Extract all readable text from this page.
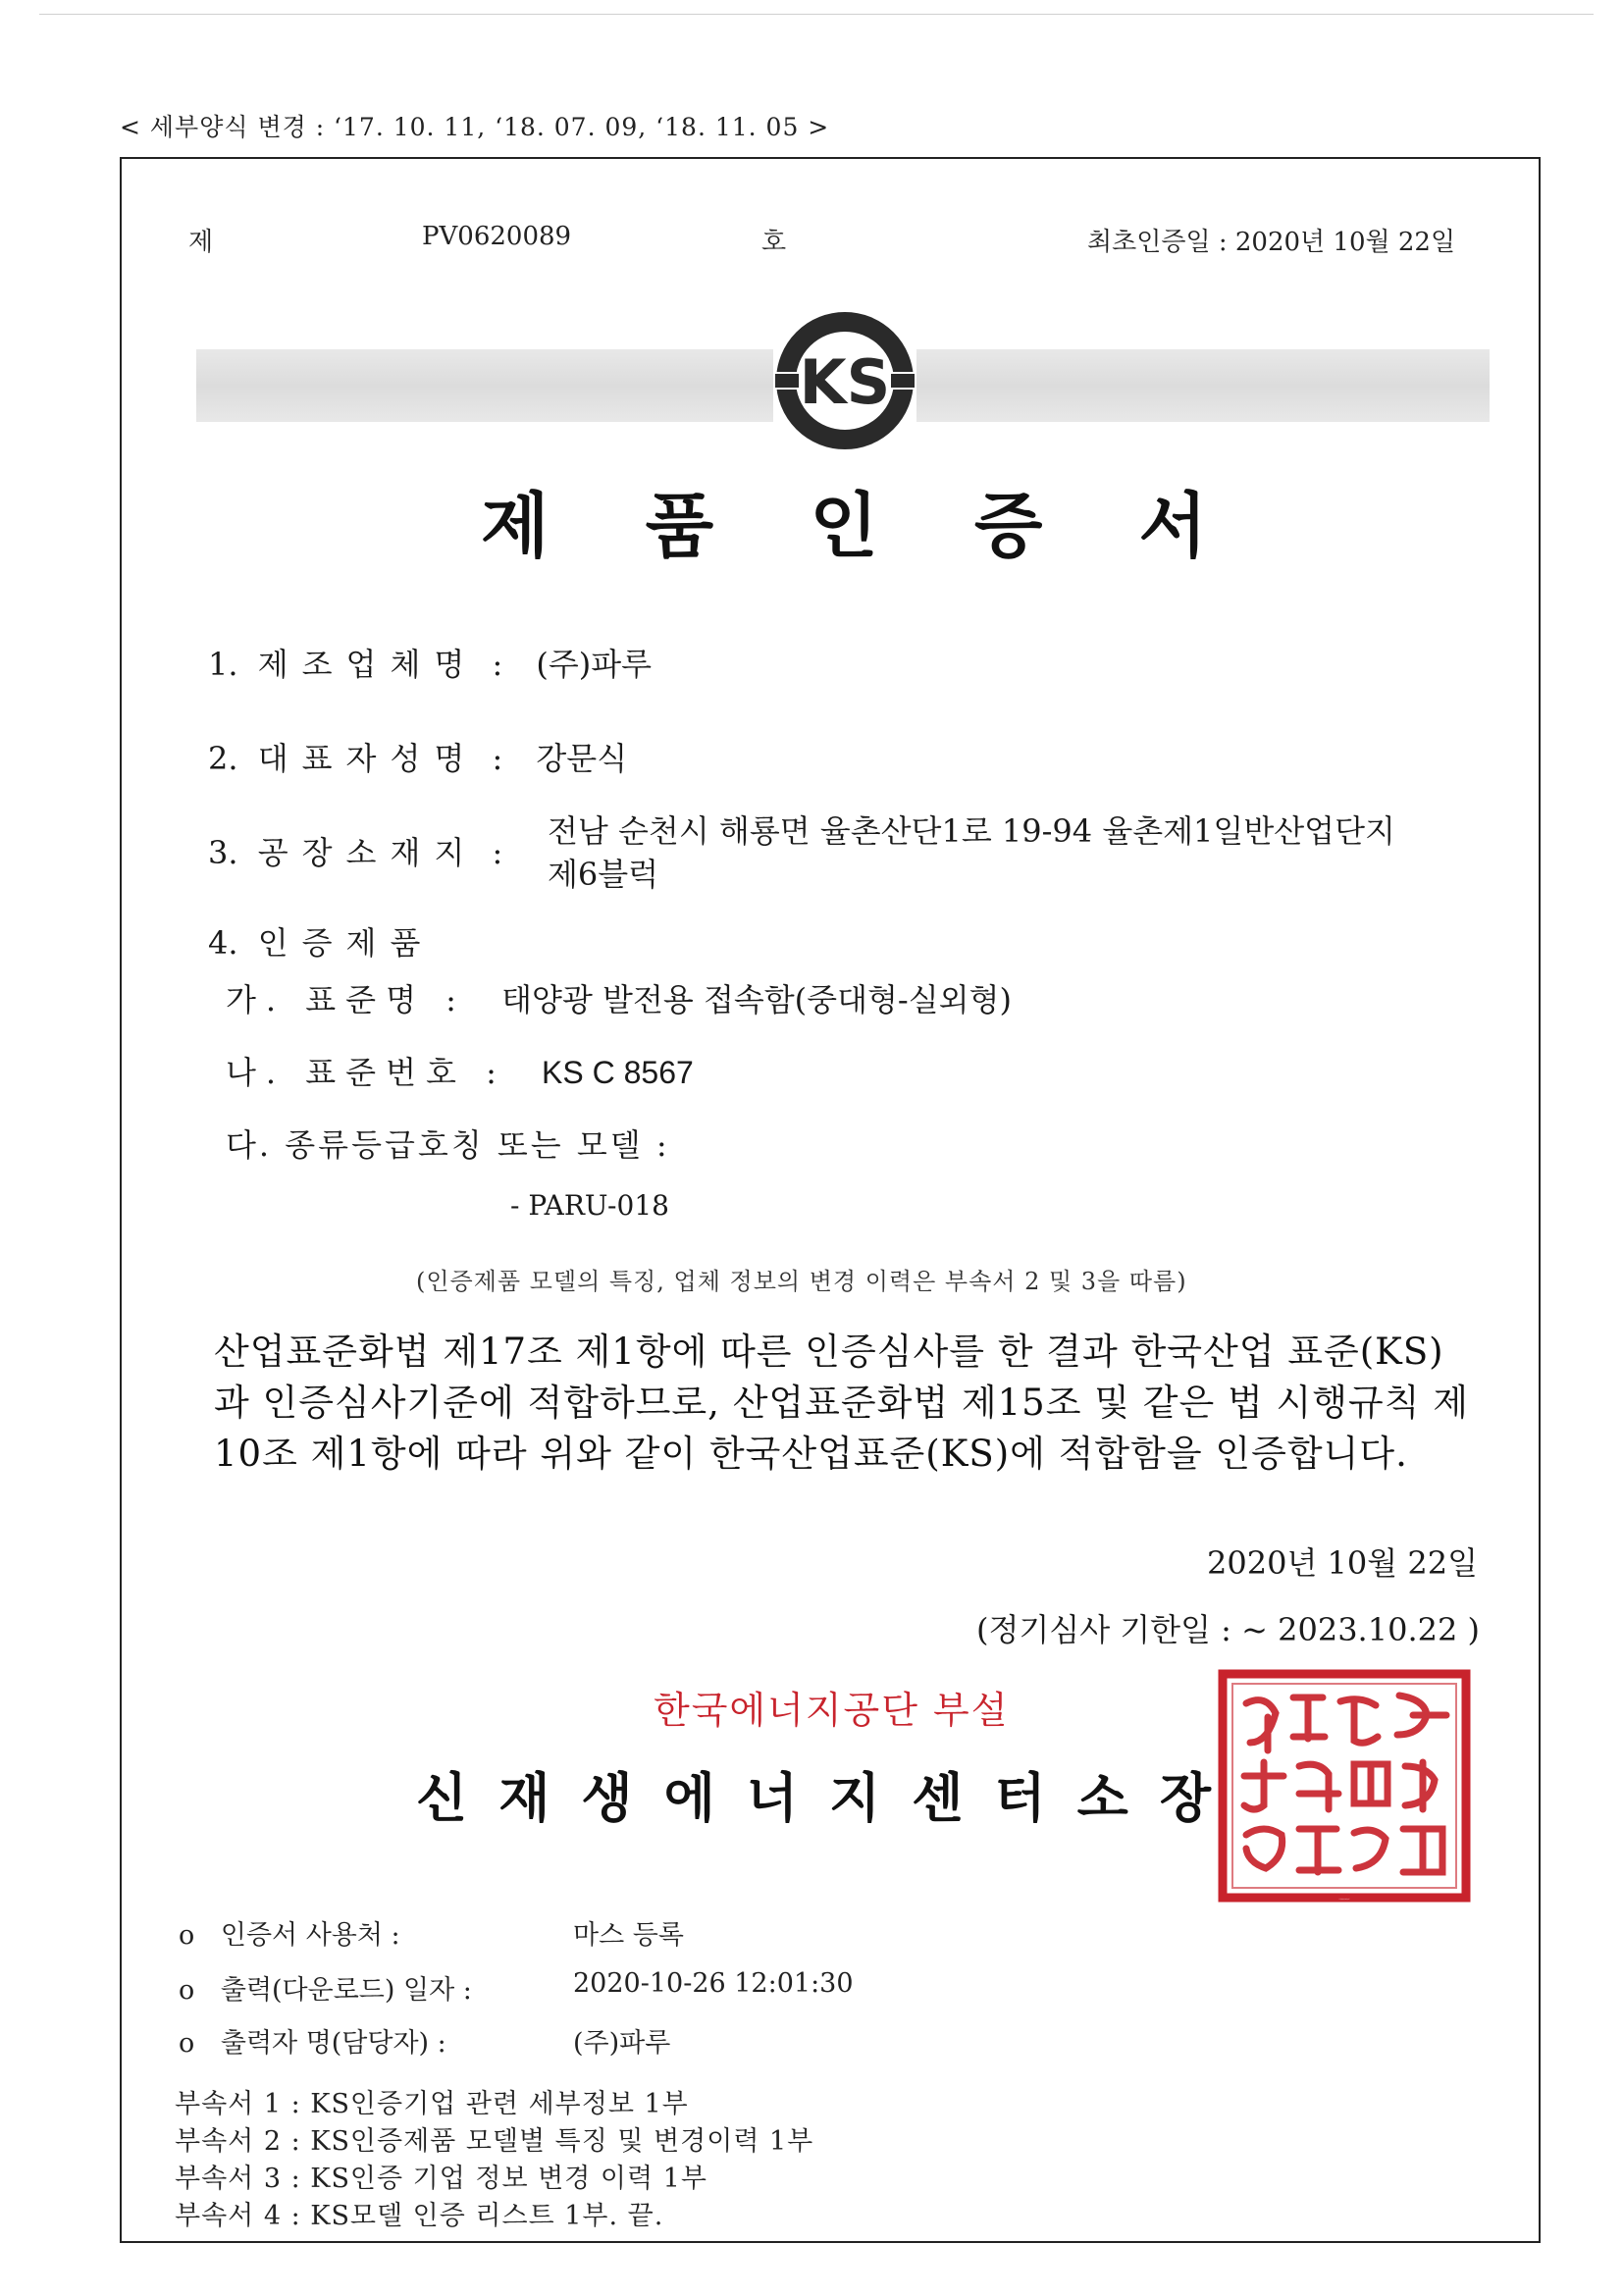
< 세부양식 변경 : ‘17. 10. 11, ‘18. 07. 09, ‘18. 11. 05 >
제	PV0620089	호	최초인증일 : 2020년 10월 22일
KS
제 품 인 증 서
1. 제조업체명 : (주)파루
2. 대표자성명 : 강문식
3. 공장소재지 :
전남 순천시 해룡면 율촌산단1로 19-94 율촌제1일반산업단지
제6블럭
4. 인증제품
가. 표준명 : 태양광 발전용 접속함(중대형-실외형)
나. 표준번호 : KS C 8567
다. 종류등급호칭 또는 모델 :
- PARU-018
(인증제품 모델의 특징, 업체 정보의 변경 이력은 부속서 2 및 3을 따름)
산업표준화법 제17조 제1항에 따른 인증심사를 한 결과 한국산업 표준(KS)과 인증심사기준에 적합하므로, 산업표준화법 제15조 및 같은 법 시행규칙 제10조 제1항에 따라 위와 같이 한국산업표준(KS)에 적합함을 인증합니다.
2020년 10월 22일
(정기심사 기한일 : ~ 2023.10.22 )
한국에너지공단 부설
신 재 생 에 너 지 센 터 소 장
신재생에너지센터소장인
o 인증서 사용처 :	마스 등록
o 출력(다운로드) 일자 :	2020-10-26 12:01:30
o 출력자 명(담당자) :	(주)파루
부속서 1 : KS인증기업 관련 세부정보 1부
부속서 2 : KS인증제품 모델별 특징 및 변경이력 1부
부속서 3 : KS인증 기업 정보 변경 이력 1부
부속서 4 : KS모델 인증 리스트 1부. 끝.
